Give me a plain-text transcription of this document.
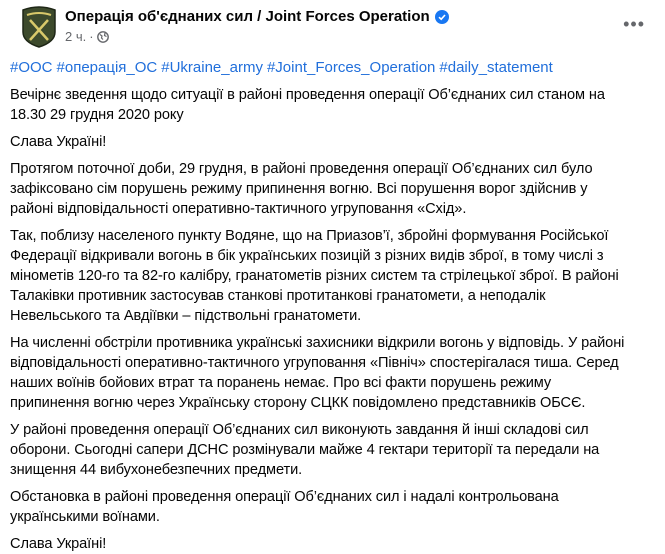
Операція об'єднаних сил / Joint Forces Operation
2 ч. ·
•••
#ООС #операція_ОС #Ukraine_army #Joint_Forces_Operation #daily_statement
Вечірнє зведення щодо ситуації в районі проведення операції Об’єднаних сил станом на
18.30 29 грудня 2020 року
Слава Україні!
Протягом поточної доби, 29 грудня, в районі проведення операції Об’єднаних сил було
зафіксовано сім порушень режиму припинення вогню. Всі порушення ворог здійснив у
районі відповідальності оперативно-тактичного угруповання «Схід».
Так, поблизу населеного пункту Водяне, що на Приазов’ї, збройні формування Російської
Федерації відкривали вогонь в бік українських позицій з різних видів зброї, в тому числі з
мінометів 120-го та 82-го калібру, гранатометів різних систем та стрілецької зброї. В районі
Талаківки противник застосував станкові протитанкові гранатомети, а неподалік
Невельського та Авдіївки – підствольні гранатомети.
На численні обстріли противника українські захисники відкрили вогонь у відповідь. У районі
відповідальності оперативно-тактичного угруповання «Північ» спостерігалася тиша. Серед
наших воїнів бойових втрат та поранень немає. Про всі факти порушень режиму
припинення вогню через Українську сторону СЦКК повідомлено представників ОБСЄ.
У районі проведення операції Об’єднаних сил виконують завдання й інші складові сил
оборони. Сьогодні сапери ДСНС розмінували майже 4 гектари території та передали на
знищення 44 вибухонебезпечних предмети.
Обстановка в районі проведення операції Об’єднаних сил і надалі контрольована
українськими воїнами.
Слава Україні!
